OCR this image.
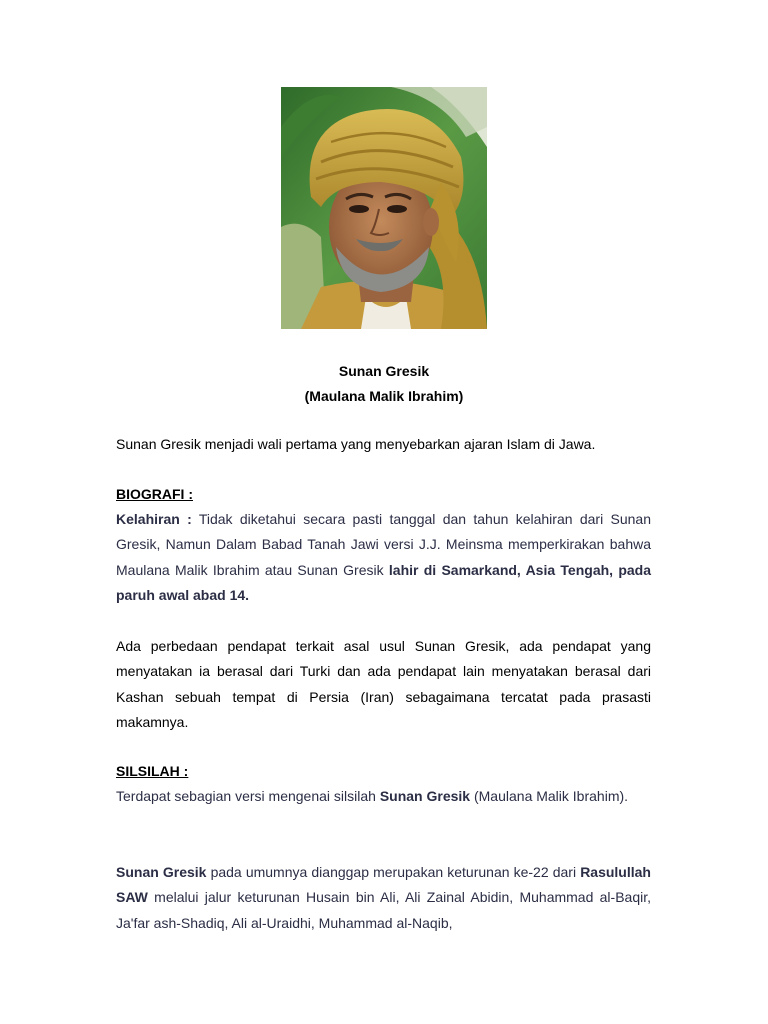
Sunan Gresik
(Maulana Malik Ibrahim)
Sunan Gresik menjadi wali pertama yang menyebarkan ajaran Islam di Jawa.
BIOGRAFI :
Kelahiran : Tidak diketahui secara pasti tanggal dan tahun kelahiran dari Sunan Gresik, Namun Dalam Babad Tanah Jawi versi J.J. Meinsma memperkirakan bahwa Maulana Malik Ibrahim atau Sunan Gresik lahir di Samarkand, Asia Tengah, pada paruh awal abad 14.
Ada perbedaan pendapat terkait asal usul Sunan Gresik, ada pendapat yang menyatakan ia berasal dari Turki dan ada pendapat lain menyatakan berasal dari Kashan sebuah tempat di Persia (Iran) sebagaimana tercatat pada prasasti makamnya.
SILSILAH :
Terdapat sebagian versi mengenai silsilah Sunan Gresik (Maulana Malik Ibrahim).
Sunan Gresik pada umumnya dianggap merupakan keturunan ke-22 dari Rasulullah SAW melalui jalur keturunan Husain bin Ali, Ali Zainal Abidin, Muhammad al-Baqir, Ja'far ash-Shadiq, Ali al-Uraidhi, Muhammad al-Naqib,
